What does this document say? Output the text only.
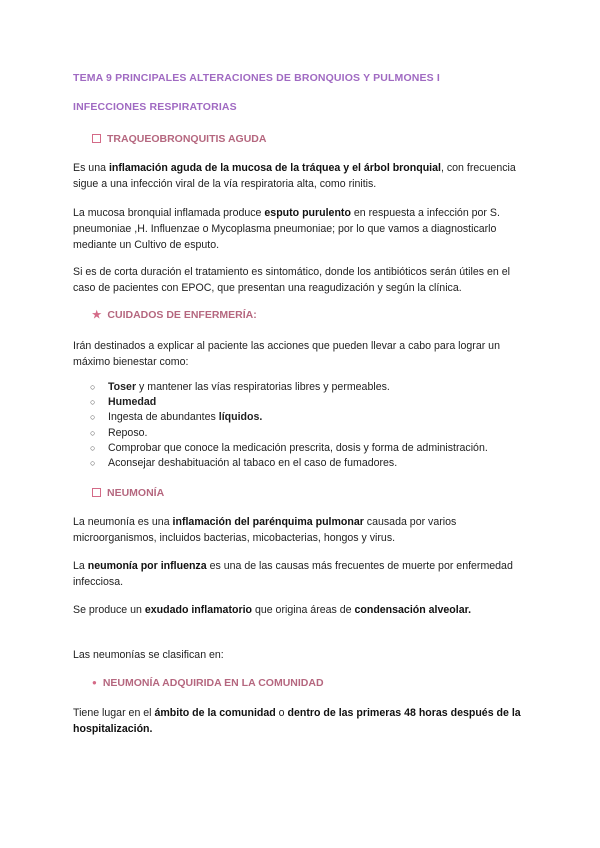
TEMA 9 PRINCIPALES ALTERACIONES DE BRONQUIOS Y PULMONES I
INFECCIONES RESPIRATORIAS
TRAQUEOBRONQUITIS AGUDA
Es una inflamación aguda de la mucosa de la tráquea y el árbol bronquial, con frecuencia sigue a una infección viral de la vía respiratoria alta, como rinitis.
La mucosa bronquial inflamada produce esputo purulento en respuesta a infección por S. pneumoniae ,H. Influenzae o Mycoplasma pneumoniae; por lo que vamos a diagnosticarlo mediante un Cultivo de esputo.
Si es de corta duración el tratamiento es sintomático, donde los antibióticos serán útiles en el caso de pacientes con EPOC, que presentan una reagudización y según la clínica.
★ CUIDADOS DE ENFERMERÍA:
Irán destinados a explicar al paciente las acciones que pueden llevar a cabo para lograr un máximo bienestar como:
○ Toser y mantener las vías respiratorias libres y permeables.
○ Humedad
○ Ingesta de abundantes líquidos.
○ Reposo.
○ Comprobar que conoce la medicación prescrita, dosis y forma de administración.
○ Aconsejar deshabituación al tabaco en el caso de fumadores.
NEUMONÍA
La neumonía es una inflamación del parénquima pulmonar causada por varios microorganismos, incluidos bacterias, micobacterias, hongos y virus.
La neumonía por influenza es una de las causas más frecuentes de muerte por enfermedad infecciosa.
Se produce un exudado inflamatorio que origina áreas de condensación alveolar.
Las neumonías se clasifican en:
● NEUMONÍA ADQUIRIDA EN LA COMUNIDAD
Tiene lugar en el ámbito de la comunidad o dentro de las primeras 48 horas después de la hospitalización.
